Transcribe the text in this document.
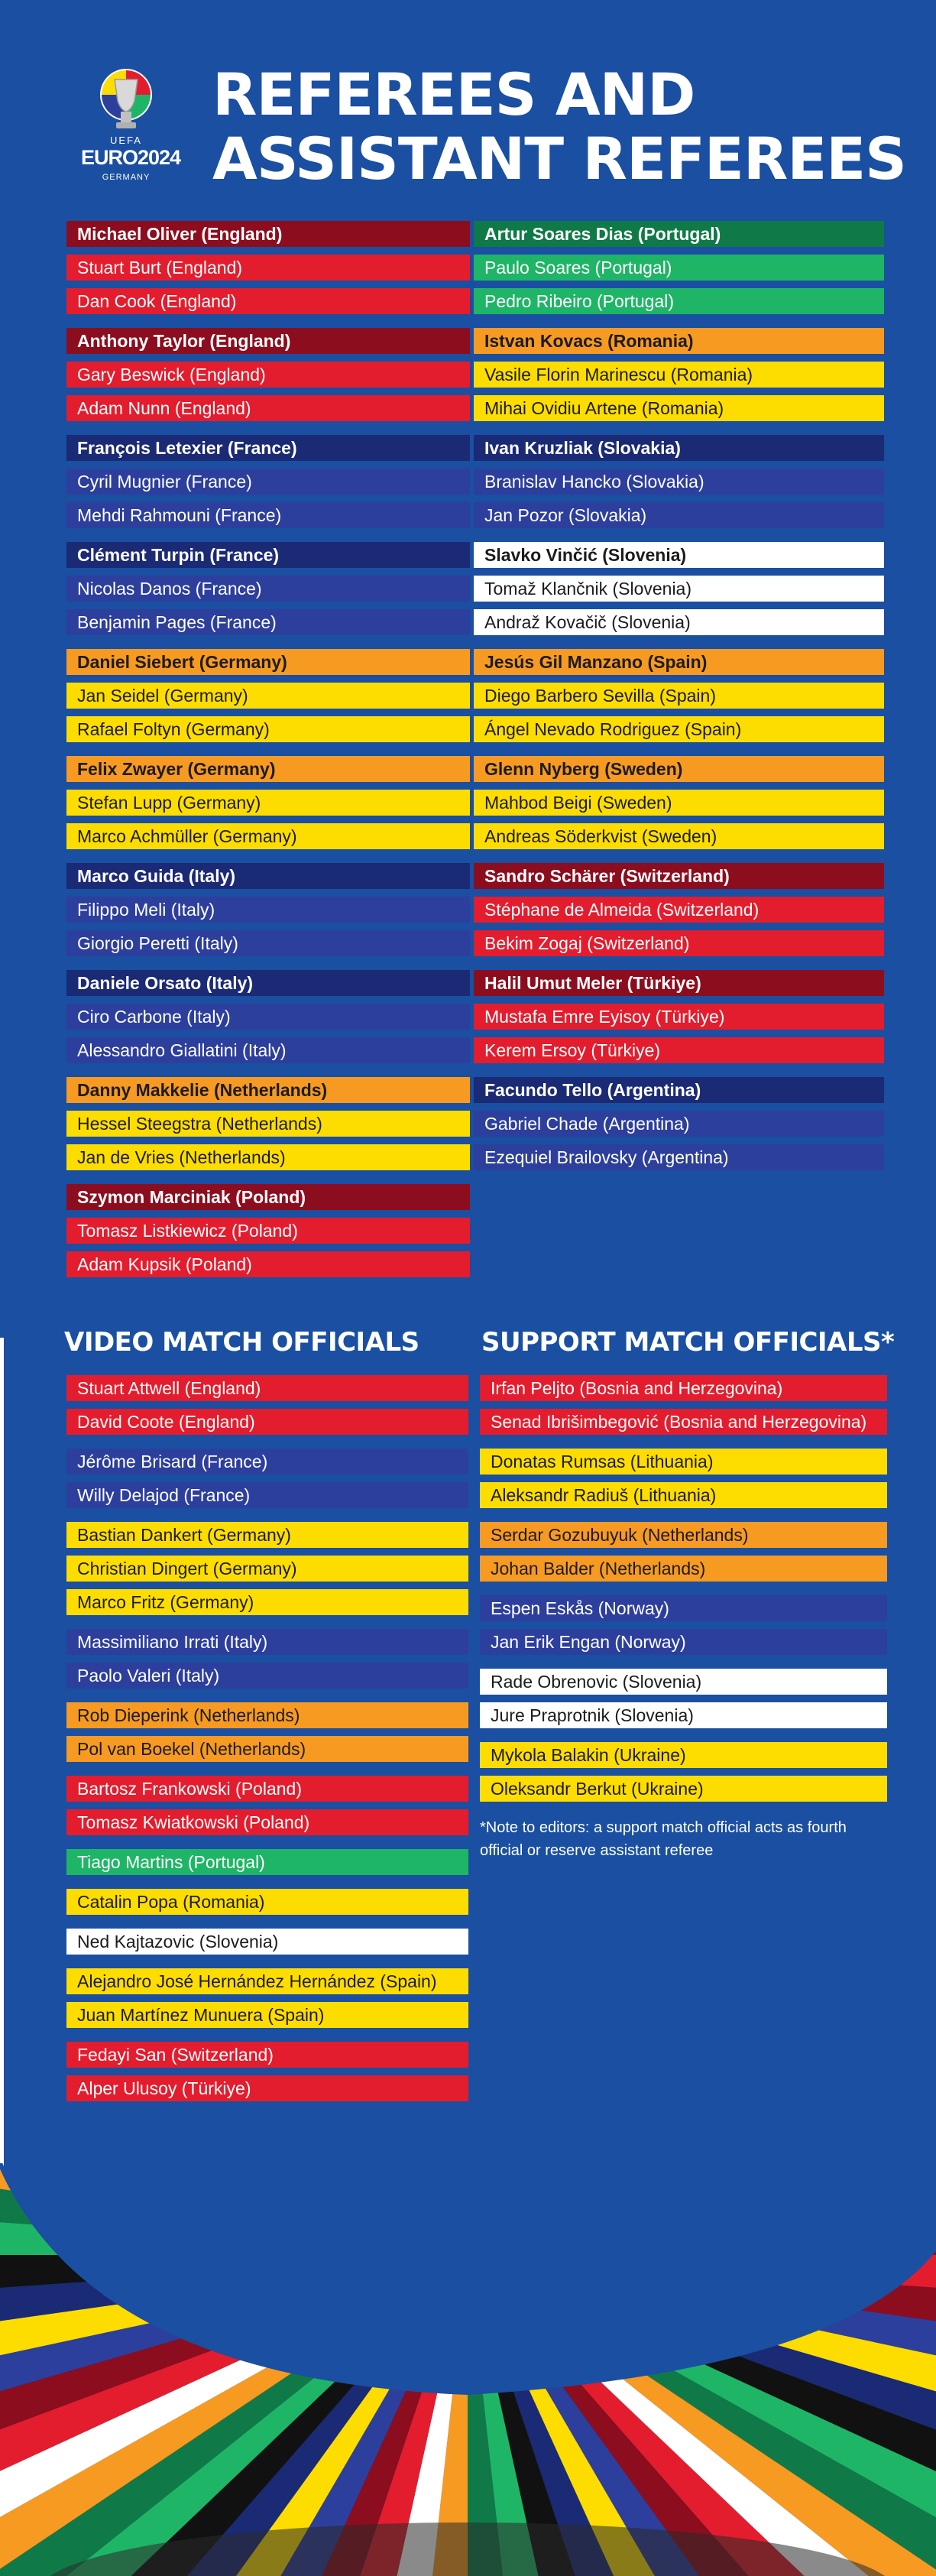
UEFA
EURO2024
GERMANY
REFEREES AND
ASSISTANT REFEREES
Michael Oliver (England)
Stuart Burt (England)
Dan Cook (England)
Anthony Taylor (England)
Gary Beswick (England)
Adam Nunn (England)
François Letexier (France)
Cyril Mugnier (France)
Mehdi Rahmouni (France)
Clément Turpin (France)
Nicolas Danos (France)
Benjamin Pages (France)
Daniel Siebert (Germany)
Jan Seidel (Germany)
Rafael Foltyn (Germany)
Felix Zwayer (Germany)
Stefan Lupp (Germany)
Marco Achmüller (Germany)
Marco Guida (Italy)
Filippo Meli (Italy)
Giorgio Peretti (Italy)
Daniele Orsato (Italy)
Ciro Carbone (Italy)
Alessandro Giallatini (Italy)
Danny Makkelie (Netherlands)
Hessel Steegstra (Netherlands)
Jan de Vries (Netherlands)
Szymon Marciniak (Poland)
Tomasz Listkiewicz (Poland)
Adam Kupsik (Poland)
Artur Soares Dias (Portugal)
Paulo Soares (Portugal)
Pedro Ribeiro (Portugal)
Istvan Kovacs (Romania)
Vasile Florin Marinescu (Romania)
Mihai Ovidiu Artene (Romania)
Ivan Kruzliak (Slovakia)
Branislav Hancko (Slovakia)
Jan Pozor (Slovakia)
Slavko Vinčić (Slovenia)
Tomaž Klančnik (Slovenia)
Andraž Kovačič (Slovenia)
Jesús Gil Manzano (Spain)
Diego Barbero Sevilla (Spain)
Ángel Nevado Rodriguez (Spain)
Glenn Nyberg (Sweden)
Mahbod Beigi (Sweden)
Andreas Söderkvist (Sweden)
Sandro Schärer (Switzerland)
Stéphane de Almeida (Switzerland)
Bekim Zogaj (Switzerland)
Halil Umut Meler (Türkiye)
Mustafa Emre Eyisoy (Türkiye)
Kerem Ersoy (Türkiye)
Facundo Tello (Argentina)
Gabriel Chade (Argentina)
Ezequiel Brailovsky (Argentina)
VIDEO MATCH OFFICIALS SUPPORT MATCH OFFICIALS*
Stuart Attwell (England)
David Coote (England)
Jérôme Brisard (France)
Willy Delajod (France)
Bastian Dankert (Germany)
Christian Dingert (Germany)
Marco Fritz (Germany)
Massimiliano Irrati (Italy)
Paolo Valeri (Italy)
Rob Dieperink (Netherlands)
Pol van Boekel (Netherlands)
Bartosz Frankowski (Poland)
Tomasz Kwiatkowski (Poland)
Tiago Martins (Portugal)
Catalin Popa (Romania)
Ned Kajtazovic (Slovenia)
Alejandro José Hernández Hernández (Spain)
Juan Martínez Munuera (Spain)
Fedayi San (Switzerland)
Alper Ulusoy (Türkiye)
Irfan Peljto (Bosnia and Herzegovina)
Senad Ibrišimbegović (Bosnia and Herzegovina)
Donatas Rumsas (Lithuania)
Aleksandr Radiuš (Lithuania)
Serdar Gozubuyuk (Netherlands)
Johan Balder (Netherlands)
Espen Eskås (Norway)
Jan Erik Engan (Norway)
Rade Obrenovic (Slovenia)
Jure Praprotnik (Slovenia)
Mykola Balakin (Ukraine)
Oleksandr Berkut (Ukraine)

*Note to editors: a support match official acts as fourth official or reserve assistant referee
